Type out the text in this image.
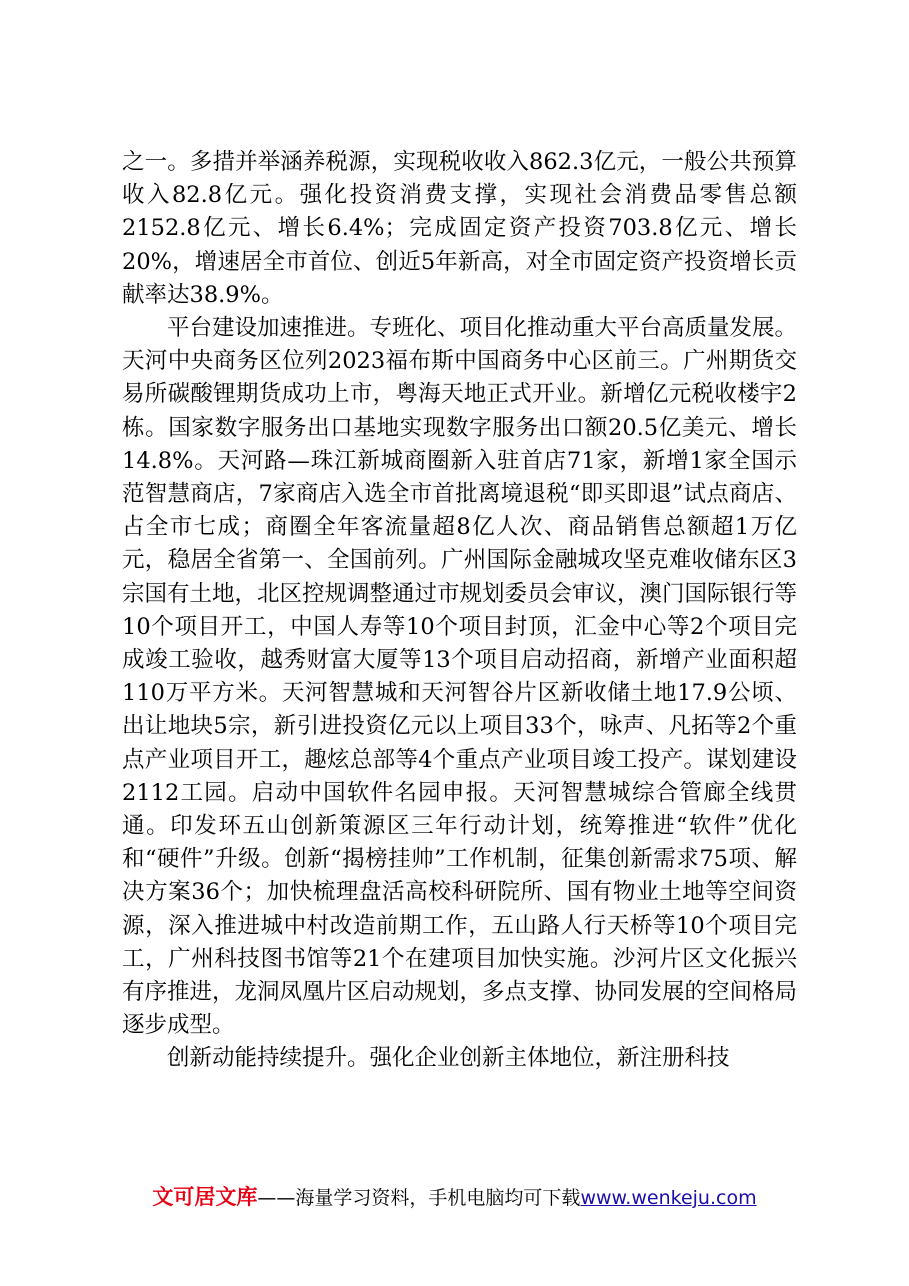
之一。多措并举涵养税源，实现税收收入862.3亿元，一般公共预算收入82.8亿元。强化投资消费支撑，实现社会消费品零售总额2152.8亿元、增长6.4%；完成固定资产投资703.8亿元、增长20%，增速居全市首位、创近5年新高，对全市固定资产投资增长贡献率达38.9%。

平台建设加速推进。专班化、项目化推动重大平台高质量发展。天河中央商务区位列2023福布斯中国商务中心区前三。广州期货交易所碳酸锂期货成功上市，粤海天地正式开业。新增亿元税收楼宇2栋。国家数字服务出口基地实现数字服务出口额20.5亿美元、增长14.8%。天河路—珠江新城商圈新入驻首店71家，新增1家全国示范智慧商店，7家商店入选全市首批离境退税“即买即退”试点商店、占全市七成；商圈全年客流量超8亿人次、商品销售总额超1万亿元，稳居全省第一、全国前列。广州国际金融城攻坚克难收储东区3宗国有土地，北区控规调整通过市规划委员会审议，澳门国际银行等10个项目开工，中国人寿等10个项目封顶，汇金中心等2个项目完成竣工验收，越秀财富大厦等13个项目启动招商，新增产业面积超110万平方米。天河智慧城和天河智谷片区新收储土地17.9公顷、出让地块5宗，新引进投资亿元以上项目33个，咏声、凡拓等2个重点产业项目开工，趣炫总部等4个重点产业项目竣工投产。谋划建设2112工园。启动中国软件名园申报。天河智慧城综合管廊全线贯通。印发环五山创新策源区三年行动计划，统筹推进“软件”优化和“硬件”升级。创新“揭榜挂帅”工作机制，征集创新需求75项、解决方案36个；加快梳理盘活高校科研院所、国有物业土地等空间资源，深入推进城中村改造前期工作，五山路人行天桥等10个项目完工，广州科技图书馆等21个在建项目加快实施。沙河片区文化振兴有序推进，龙洞凤凰片区启动规划，多点支撑、协同发展的空间格局逐步成型。

创新动能持续提升。强化企业创新主体地位，新注册科技

文可居文库——海量学习资料，手机电脑均可下载www.wenkeju.com
